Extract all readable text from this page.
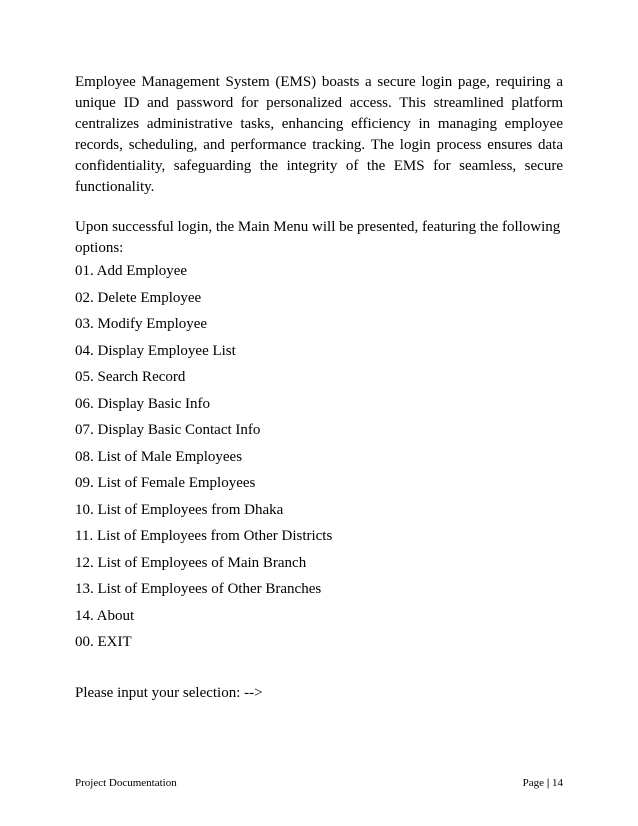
Employee Management System (EMS) boasts a secure login page, requiring a unique ID and password for personalized access. This streamlined platform centralizes administrative tasks, enhancing efficiency in managing employee records, scheduling, and performance tracking. The login process ensures data confidentiality, safeguarding the integrity of the EMS for seamless, secure functionality.

Upon successful login, the Main Menu will be presented, featuring the following options:

01. Add Employee
02. Delete Employee
03. Modify Employee
04. Display Employee List
05. Search Record
06. Display Basic Info
07. Display Basic Contact Info
08. List of Male Employees
09. List of Female Employees
10. List of Employees from Dhaka
11. List of Employees from Other Districts
12. List of Employees of Main Branch
13. List of Employees of Other Branches
14. About
00. EXIT

Please input your selection: -->

Project Documentation	Page | 14
